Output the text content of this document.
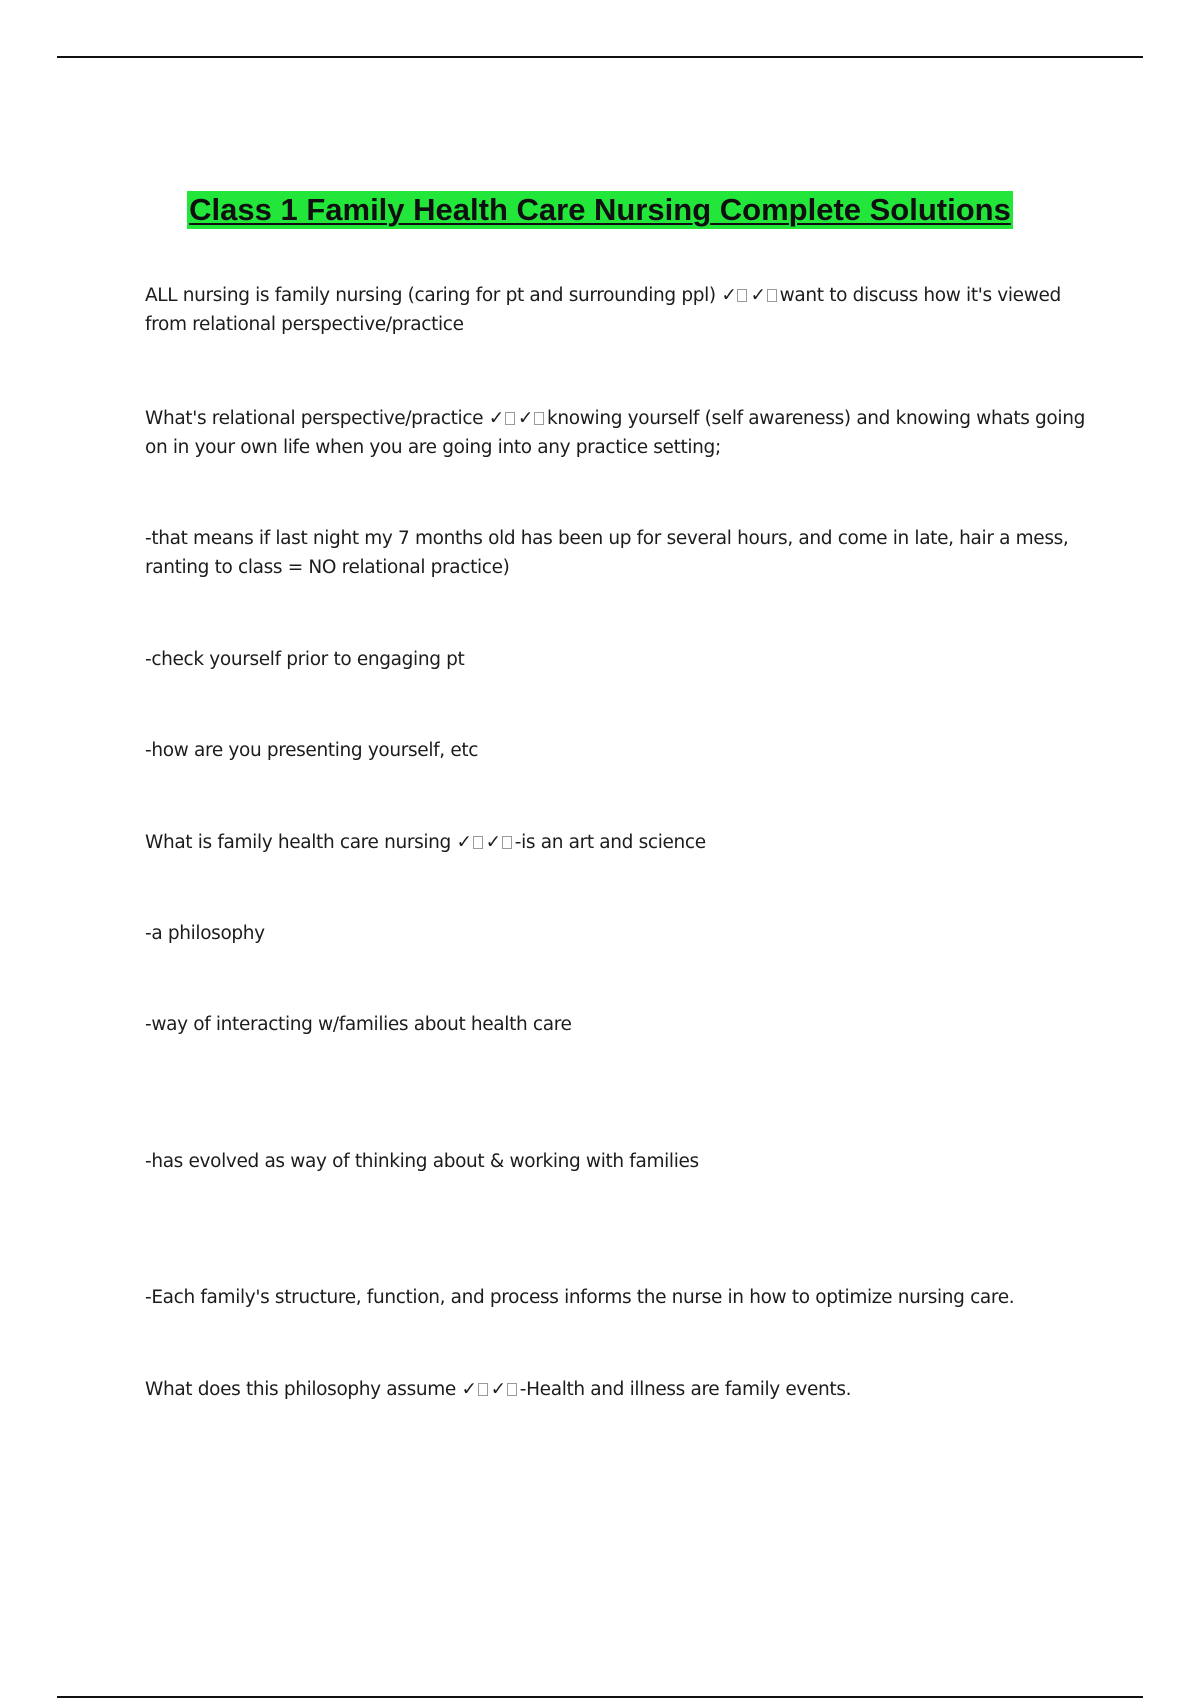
Class 1 Family Health Care Nursing Complete Solutions

ALL nursing is family nursing (caring for pt and surrounding ppl) ✓ ✓ want to discuss how it's viewed from relational perspective/practice

What's relational perspective/practice ✓ ✓ knowing yourself (self awareness) and knowing whats going on in your own life when you are going into any practice setting;

-that means if last night my 7 months old has been up for several hours, and come in late, hair a mess, ranting to class = NO relational practice)

-check yourself prior to engaging pt

-how are you presenting yourself, etc

What is family health care nursing ✓ ✓ -is an art and science

-a philosophy

-way of interacting w/families about health care

-has evolved as way of thinking about & working with families

-Each family's structure, function, and process informs the nurse in how to optimize nursing care.

What does this philosophy assume ✓ ✓ -Health and illness are family events.
